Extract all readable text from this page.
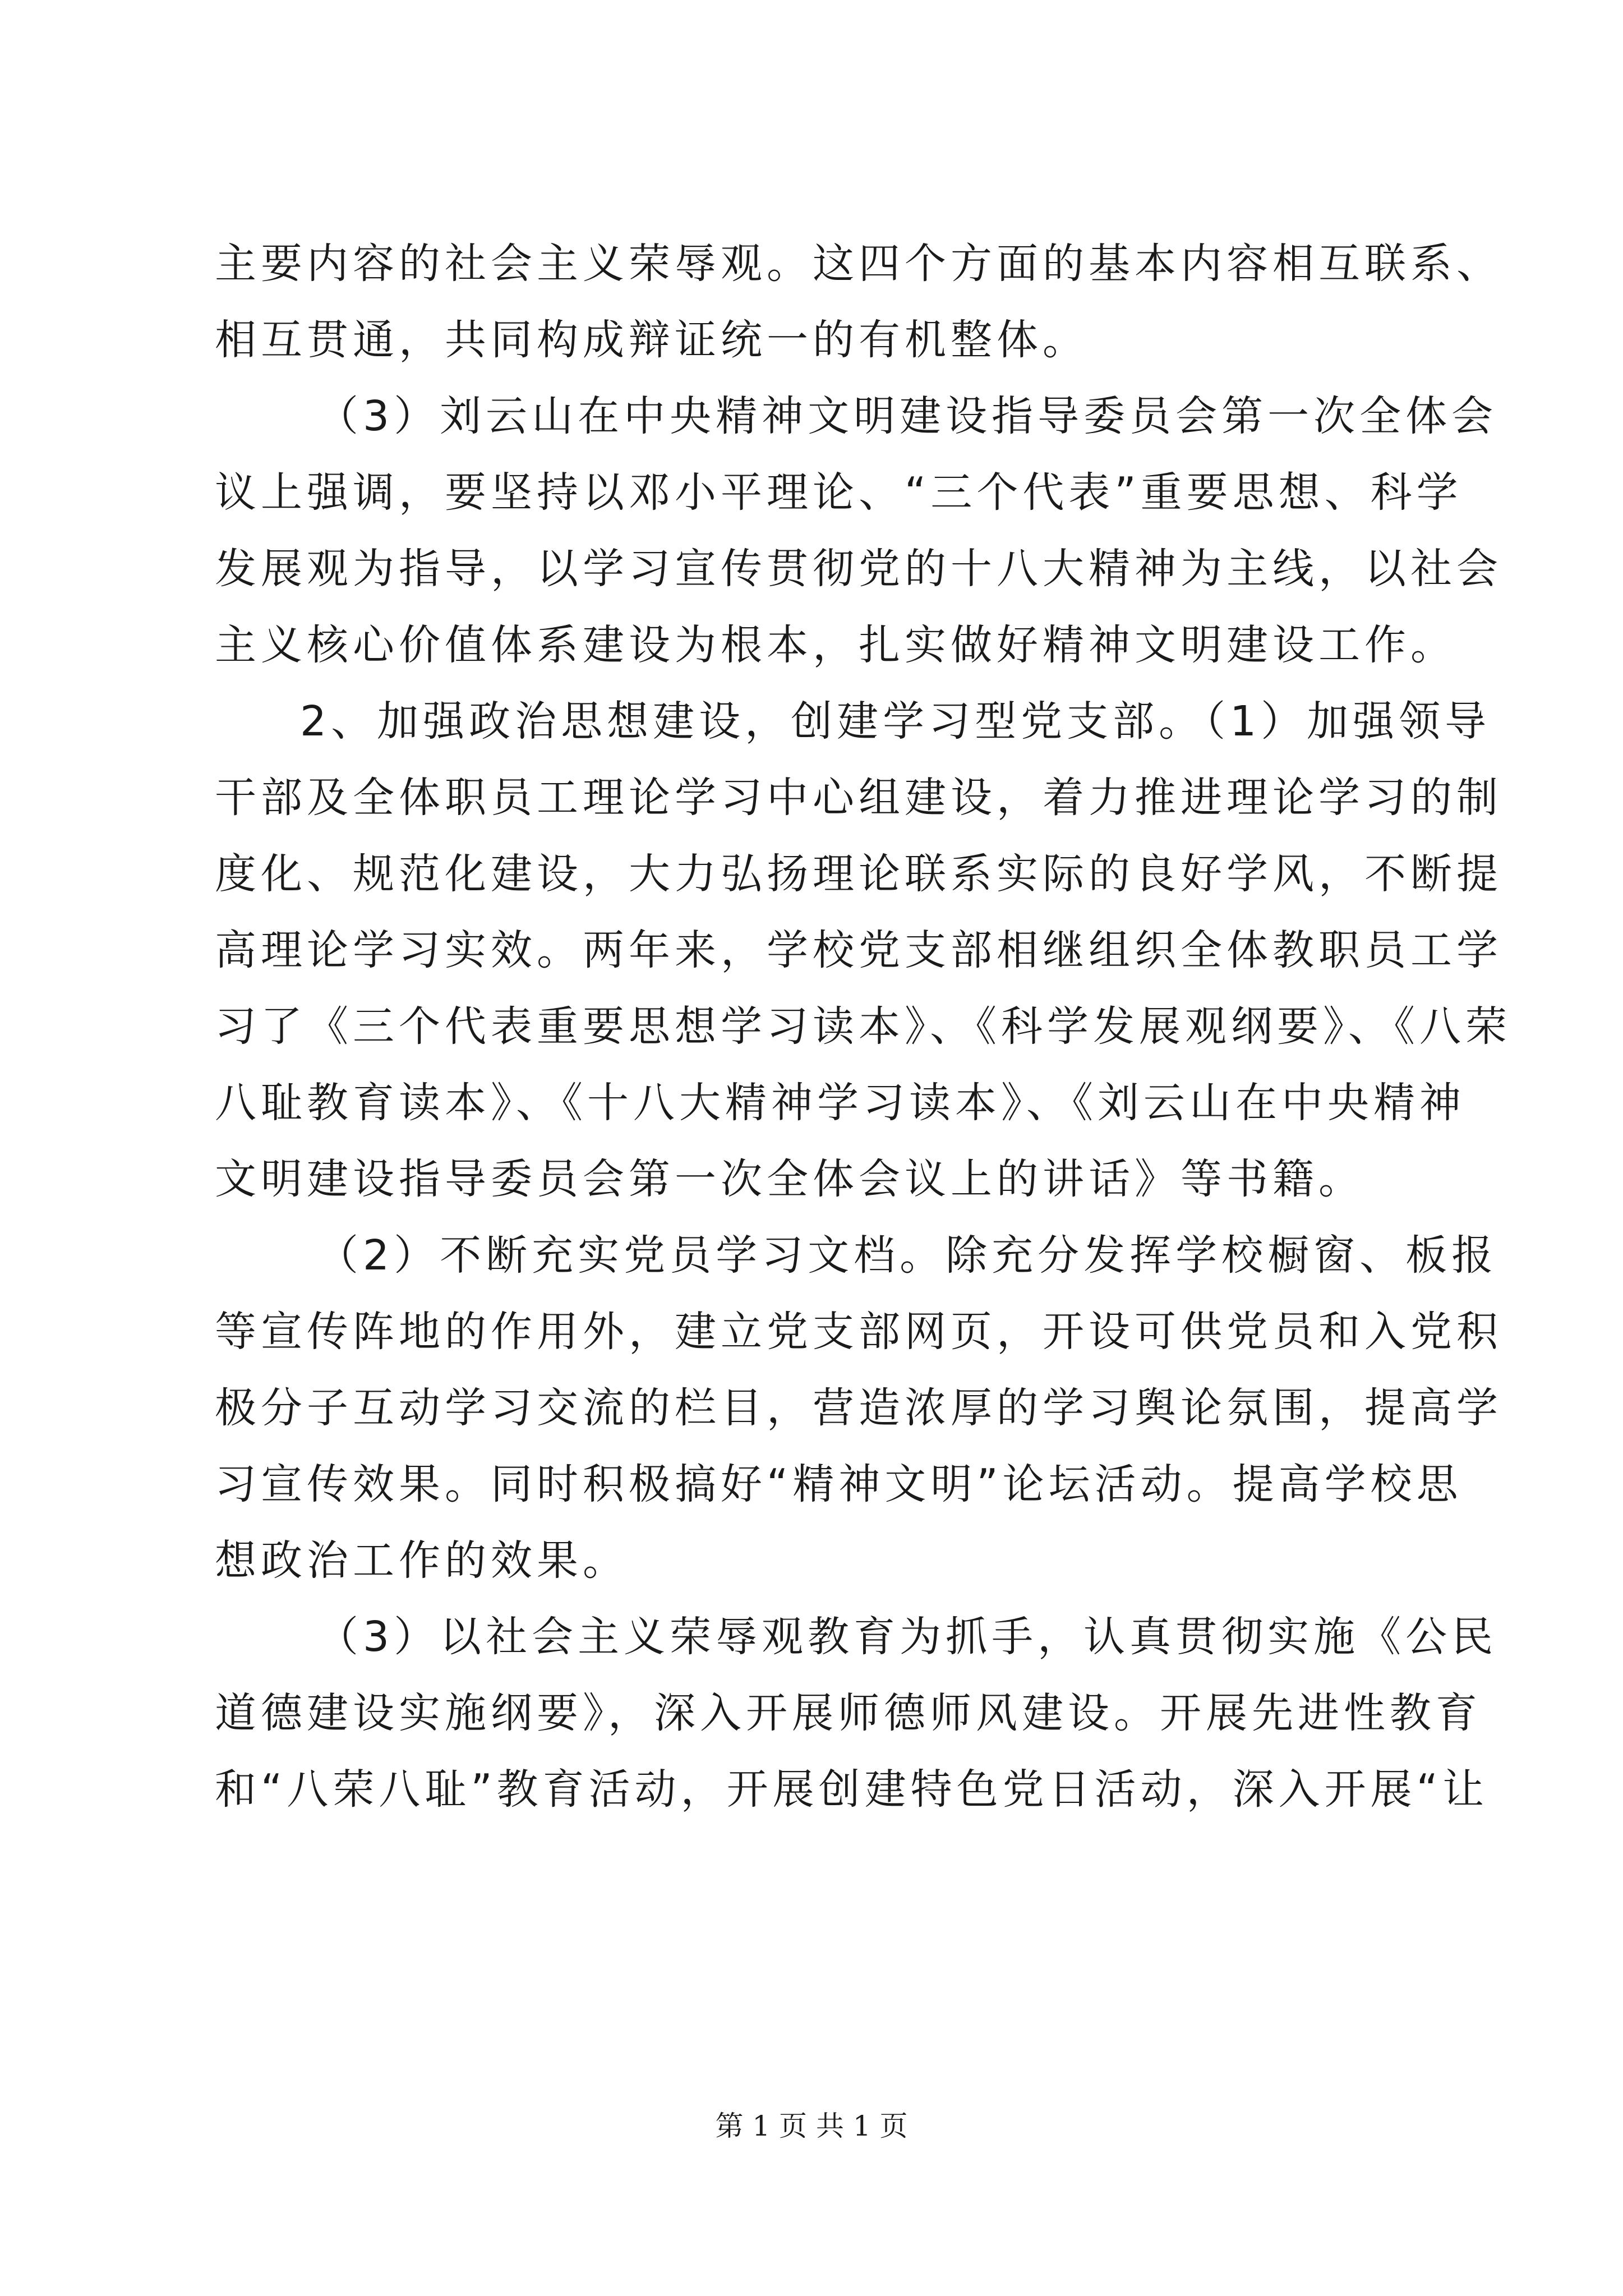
主要内容的社会主义荣辱观。这四个方面的基本内容相互联系、
相互贯通，共同构成辩证统一的有机整体。
（3）刘云山在中央精神文明建设指导委员会第一次全体会
议上强调，要坚持以邓小平理论、“三个代表”重要思想、科学
发展观为指导，以学习宣传贯彻党的十八大精神为主线，以社会
主义核心价值体系建设为根本，扎实做好精神文明建设工作。
2、加强政治思想建设，创建学习型党支部。（1）加强领导
干部及全体职员工理论学习中心组建设，着力推进理论学习的制
度化、规范化建设，大力弘扬理论联系实际的良好学风，不断提
高理论学习实效。两年来，学校党支部相继组织全体教职员工学
习了《三个代表重要思想学习读本》、《科学发展观纲要》、《八荣
八耻教育读本》、《十八大精神学习读本》、《刘云山在中央精神
文明建设指导委员会第一次全体会议上的讲话》等书籍。
（2）不断充实党员学习文档。除充分发挥学校橱窗、板报
等宣传阵地的作用外，建立党支部网页，开设可供党员和入党积
极分子互动学习交流的栏目，营造浓厚的学习舆论氛围，提高学
习宣传效果。同时积极搞好“精神文明”论坛活动。提高学校思
想政治工作的效果。
（3）以社会主义荣辱观教育为抓手，认真贯彻实施《公民
道德建设实施纲要》，深入开展师德师风建设。开展先进性教育
和“八荣八耻”教育活动，开展创建特色党日活动，深入开展“让
第 1 页 共 1 页
